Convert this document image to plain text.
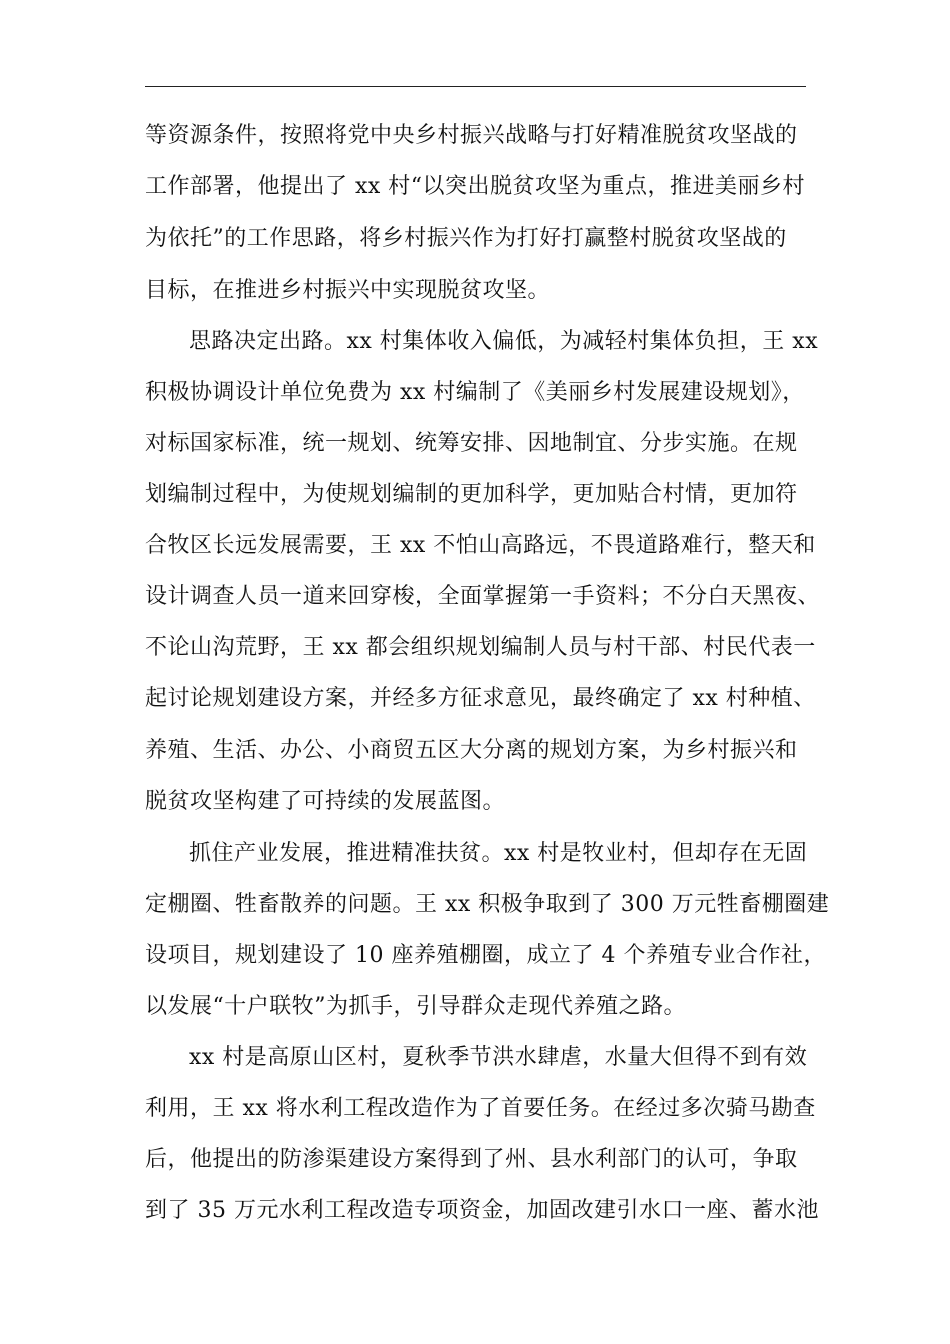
等资源条件，按照将党中央乡村振兴战略与打好精准脱贫攻坚战的
工作部署，他提出了 xx 村“以突出脱贫攻坚为重点，推进美丽乡村
为依托”的工作思路，将乡村振兴作为打好打赢整村脱贫攻坚战的
目标，在推进乡村振兴中实现脱贫攻坚。
思路决定出路。xx 村集体收入偏低，为减轻村集体负担，王 xx
积极协调设计单位免费为 xx 村编制了《美丽乡村发展建设规划》，
对标国家标准，统一规划、统筹安排、因地制宜、分步实施。在规
划编制过程中，为使规划编制的更加科学，更加贴合村情，更加符
合牧区长远发展需要，王 xx 不怕山高路远，不畏道路难行，整天和
设计调查人员一道来回穿梭，全面掌握第一手资料；不分白天黑夜、
不论山沟荒野，王 xx 都会组织规划编制人员与村干部、村民代表一
起讨论规划建设方案，并经多方征求意见，最终确定了 xx 村种植、
养殖、生活、办公、小商贸五区大分离的规划方案，为乡村振兴和
脱贫攻坚构建了可持续的发展蓝图。
抓住产业发展，推进精准扶贫。xx 村是牧业村，但却存在无固
定棚圈、牲畜散养的问题。王 xx 积极争取到了 300 万元牲畜棚圈建
设项目，规划建设了 10 座养殖棚圈，成立了 4 个养殖专业合作社，
以发展“十户联牧”为抓手，引导群众走现代养殖之路。
xx 村是高原山区村，夏秋季节洪水肆虐，水量大但得不到有效
利用，王 xx 将水利工程改造作为了首要任务。在经过多次骑马勘查
后，他提出的防渗渠建设方案得到了州、县水利部门的认可，争取
到了 35 万元水利工程改造专项资金，加固改建引水口一座、蓄水池
